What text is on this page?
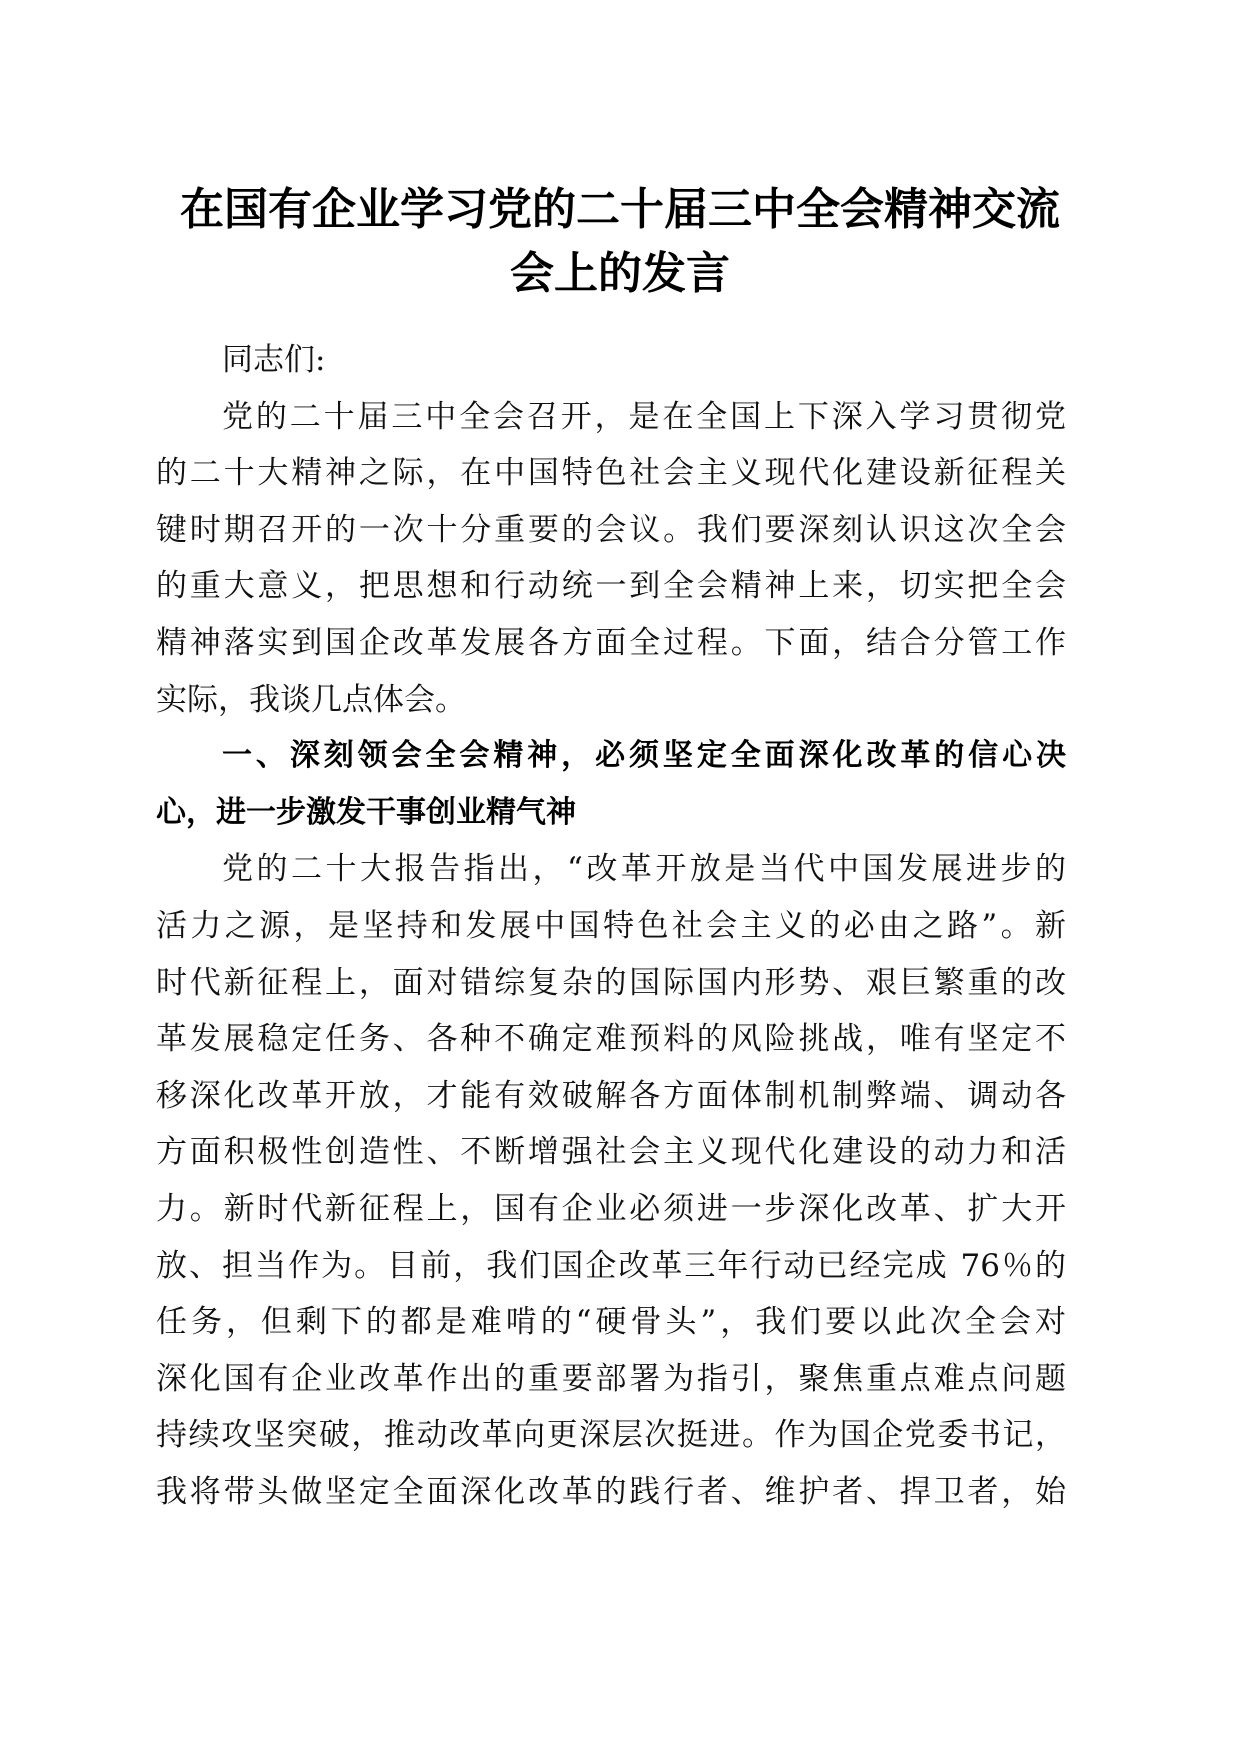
在国有企业学习党的二十届三中全会精神交流
会上的发言
同志们:
党的二十届三中全会召开，是在全国上下深入学习贯彻党
的二十大精神之际，在中国特色社会主义现代化建设新征程关
键时期召开的一次十分重要的会议。我们要深刻认识这次全会
的重大意义，把思想和行动统一到全会精神上来，切实把全会
精神落实到国企改革发展各方面全过程。下面，结合分管工作
实际，我谈几点体会。
一、深刻领会全会精神，必须坚定全面深化改革的信心决
心，进一步激发干事创业精气神
党的二十大报告指出，“改革开放是当代中国发展进步的
活力之源，是坚持和发展中国特色社会主义的必由之路”。新
时代新征程上，面对错综复杂的国际国内形势、艰巨繁重的改
革发展稳定任务、各种不确定难预料的风险挑战，唯有坚定不
移深化改革开放，才能有效破解各方面体制机制弊端、调动各
方面积极性创造性、不断增强社会主义现代化建设的动力和活
力。新时代新征程上，国有企业必须进一步深化改革、扩大开
放、担当作为。目前，我们国企改革三年行动已经完成 76％的
任务，但剩下的都是难啃的“硬骨头”，我们要以此次全会对
深化国有企业改革作出的重要部署为指引，聚焦重点难点问题
持续攻坚突破，推动改革向更深层次挺进。作为国企党委书记，
我将带头做坚定全面深化改革的践行者、维护者、捍卫者，始
